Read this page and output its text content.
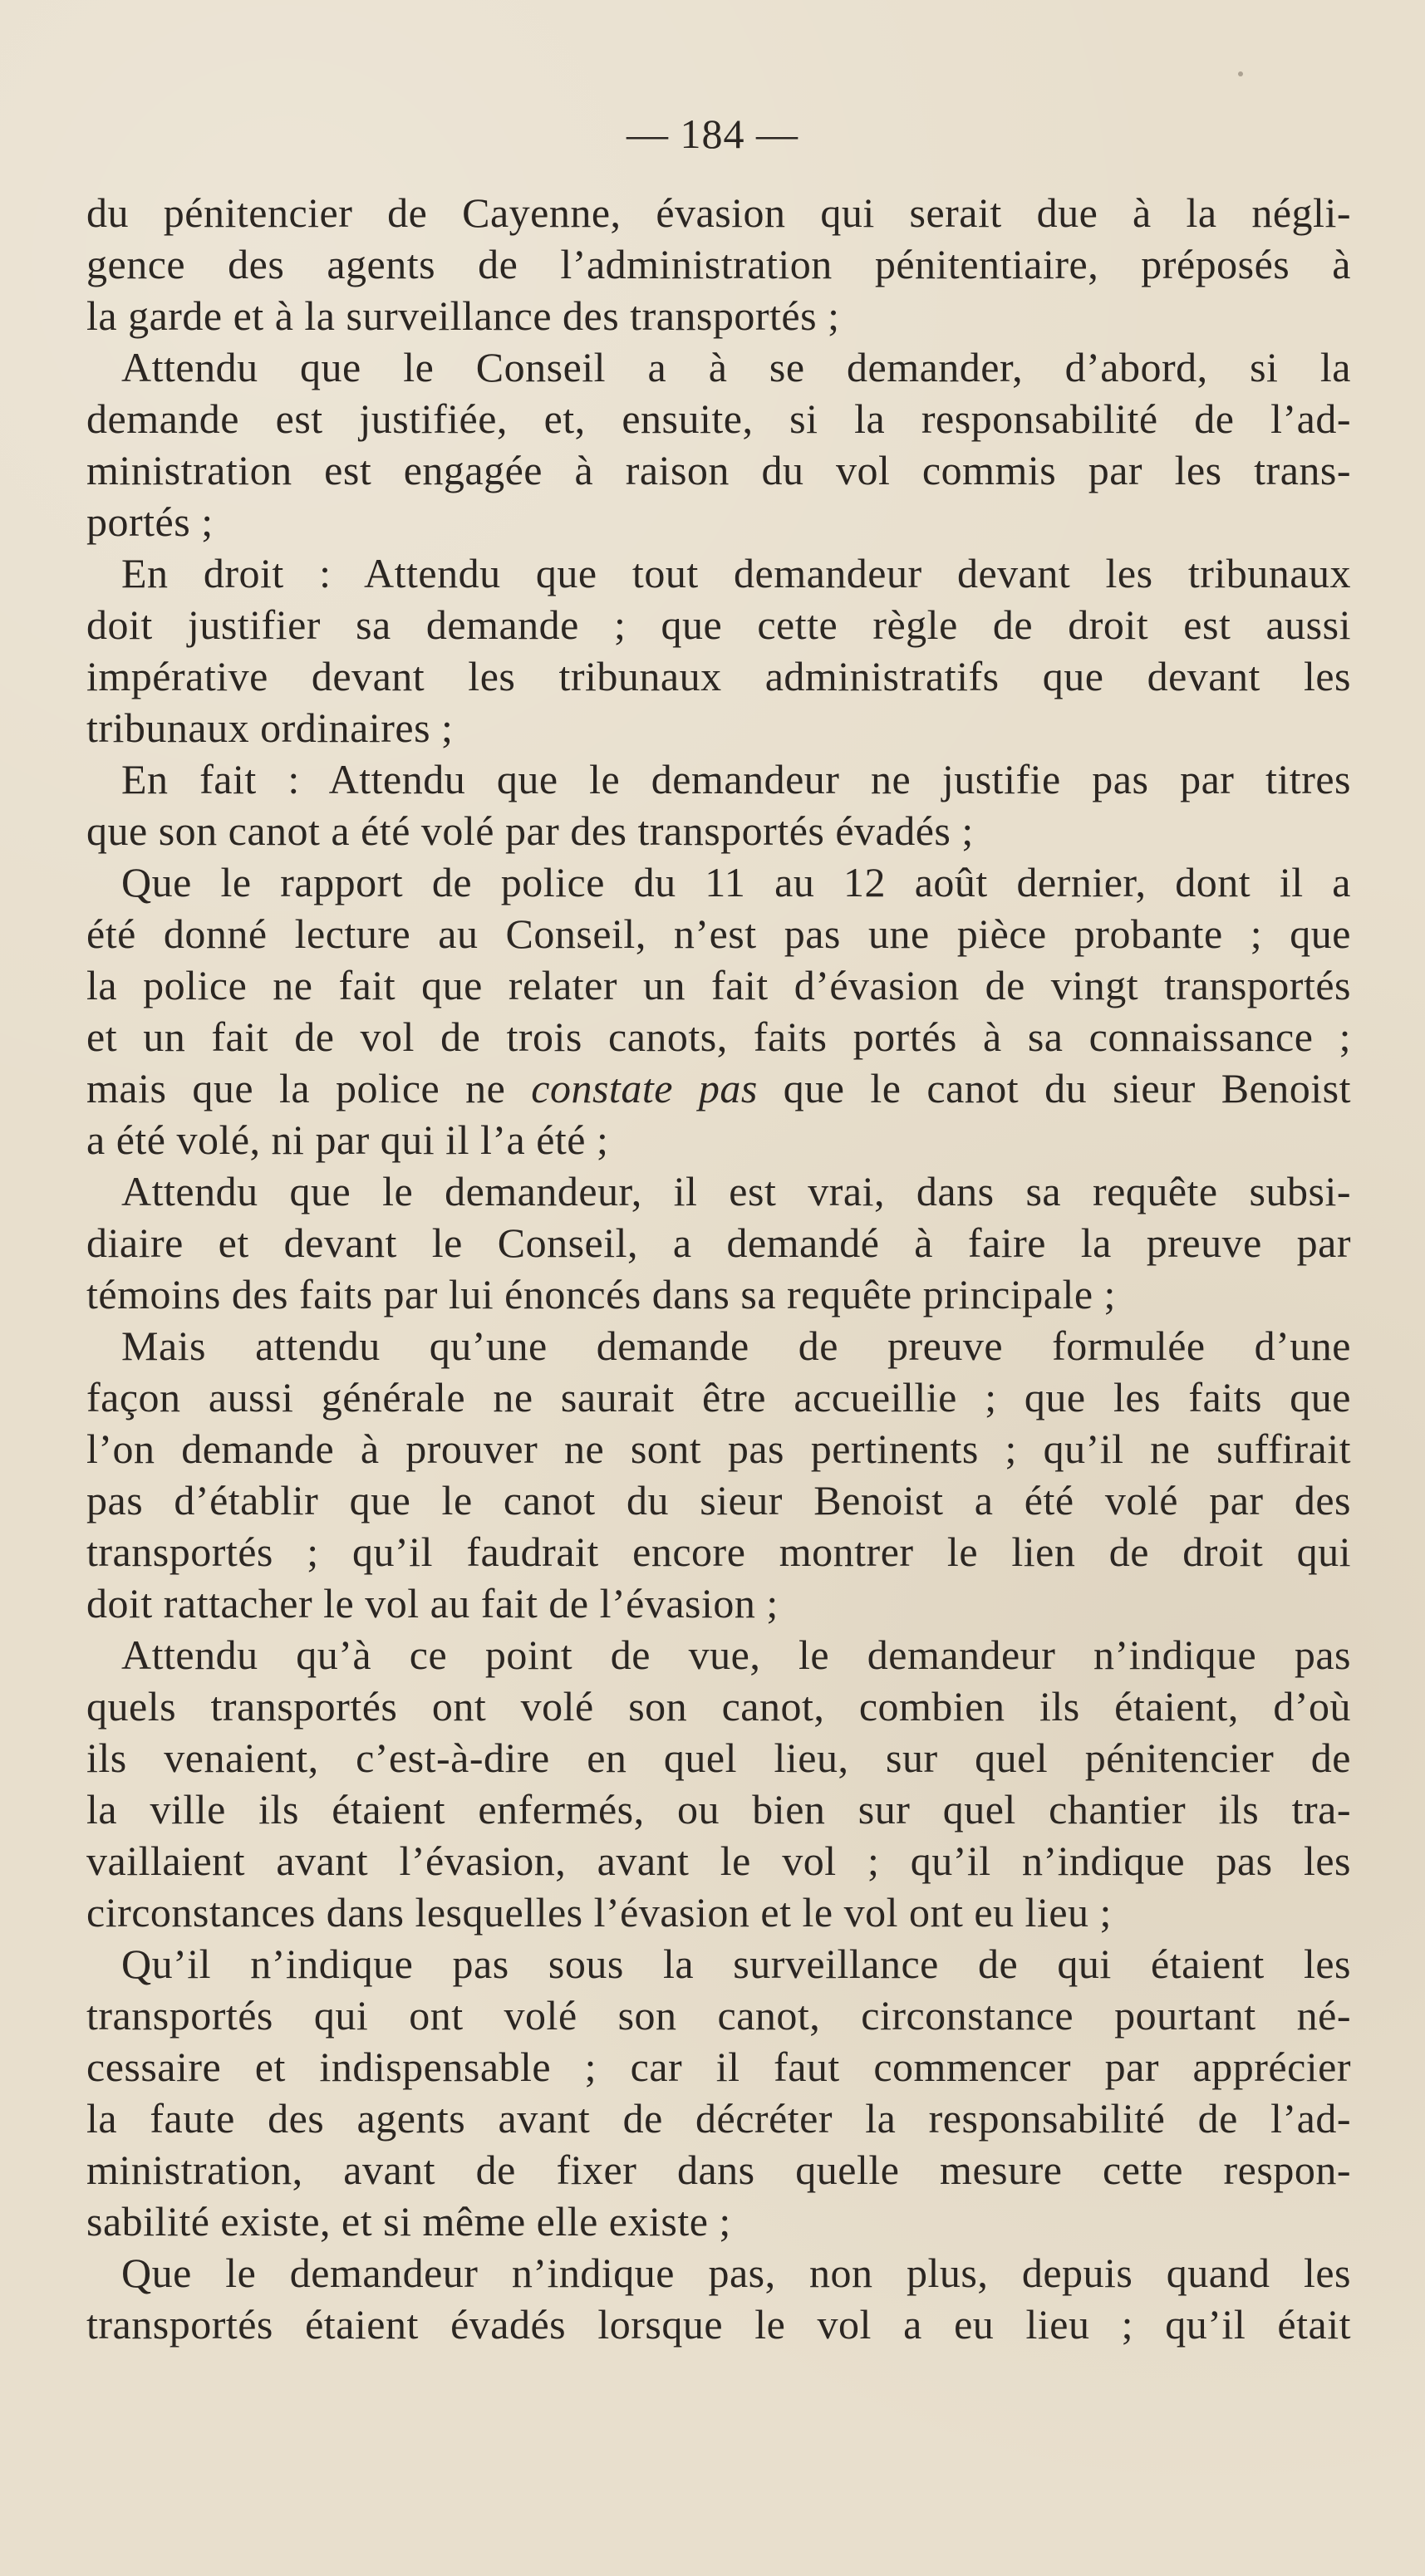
— 184 —
du pénitencier de Cayenne, évasion qui serait due à la négli-
gence des agents de l’administration pénitentiaire, préposés à
la garde et à la surveillance des transportés ;
Attendu que le Conseil a à se demander, d’abord, si la
demande est justifiée, et, ensuite, si la responsabilité de l’ad-
ministration est engagée à raison du vol commis par les trans-
portés ;
En droit : Attendu que tout demandeur devant les tribunaux
doit justifier sa demande ; que cette règle de droit est aussi
impérative devant les tribunaux administratifs que devant les
tribunaux ordinaires ;
En fait : Attendu que le demandeur ne justifie pas par titres
que son canot a été volé par des transportés évadés ;
Que le rapport de police du 11 au 12 août dernier, dont il a
été donné lecture au Conseil, n’est pas une pièce probante ; que
la police ne fait que relater un fait d’évasion de vingt transportés
et un fait de vol de trois canots, faits portés à sa connaissance ;
mais que la police ne constate pas que le canot du sieur Benoist
a été volé, ni par qui il l’a été ;
Attendu que le demandeur, il est vrai, dans sa requête subsi-
diaire et devant le Conseil, a demandé à faire la preuve par
témoins des faits par lui énoncés dans sa requête principale ;
Mais attendu qu’une demande de preuve formulée d’une
façon aussi générale ne saurait être accueillie ; que les faits que
l’on demande à prouver ne sont pas pertinents ; qu’il ne suffirait
pas d’établir que le canot du sieur Benoist a été volé par des
transportés ; qu’il faudrait encore montrer le lien de droit qui
doit rattacher le vol au fait de l’évasion ;
Attendu qu’à ce point de vue, le demandeur n’indique pas
quels transportés ont volé son canot, combien ils étaient, d’où
ils venaient, c’est-à-dire en quel lieu, sur quel pénitencier de
la ville ils étaient enfermés, ou bien sur quel chantier ils tra-
vaillaient avant l’évasion, avant le vol ; qu’il n’indique pas les
circonstances dans lesquelles l’évasion et le vol ont eu lieu ;
Qu’il n’indique pas sous la surveillance de qui étaient les
transportés qui ont volé son canot, circonstance pourtant né-
cessaire et indispensable ; car il faut commencer par apprécier
la faute des agents avant de décréter la responsabilité de l’ad-
ministration, avant de fixer dans quelle mesure cette respon-
sabilité existe, et si même elle existe ;
Que le demandeur n’indique pas, non plus, depuis quand les
transportés étaient évadés lorsque le vol a eu lieu ; qu’il était
